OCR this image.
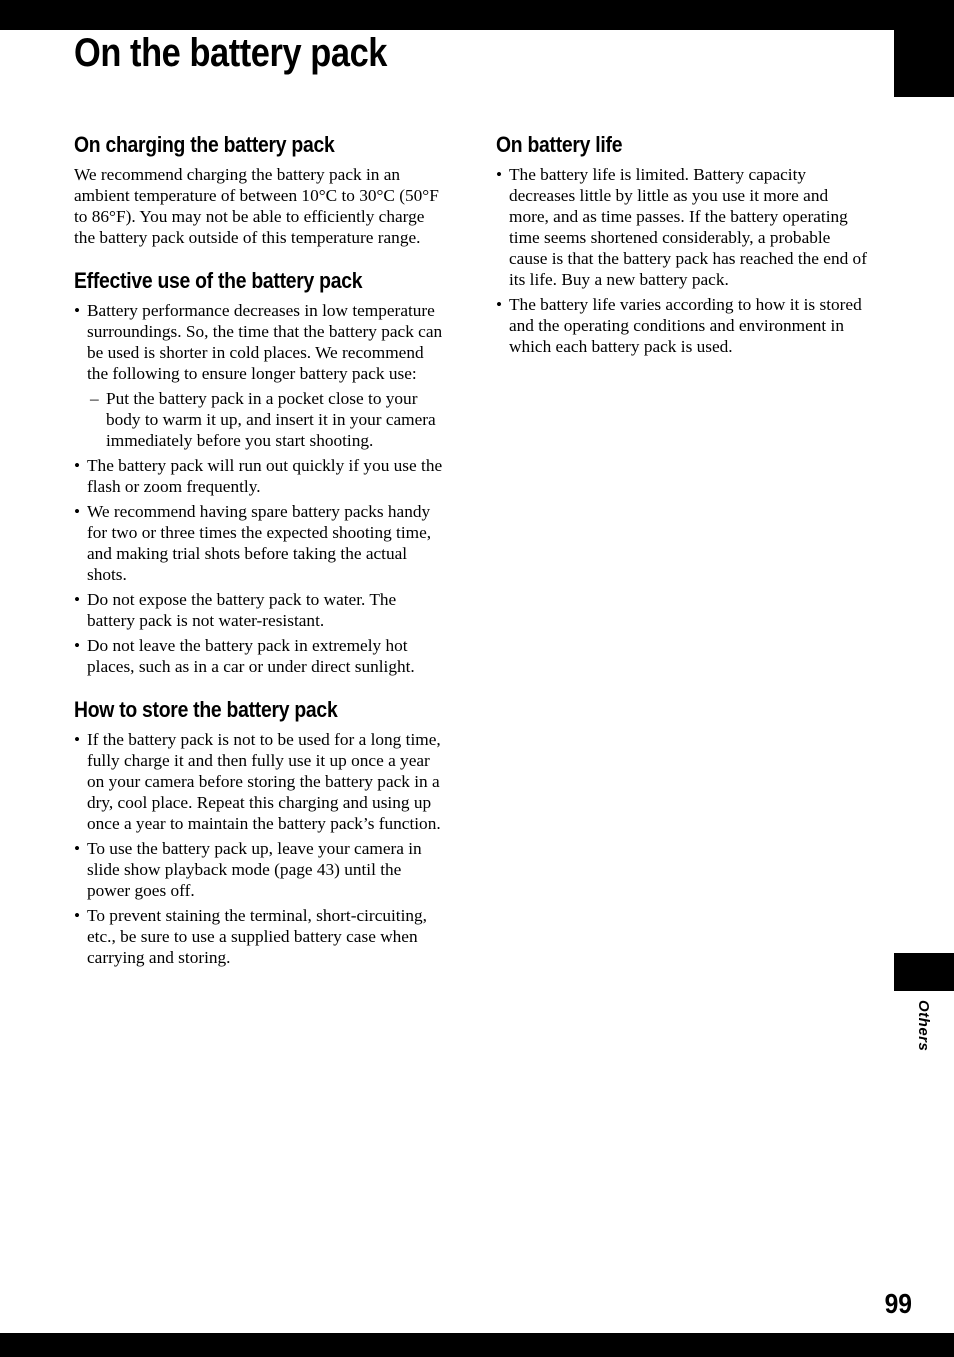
On the battery pack
On charging the battery pack

We recommend charging the battery pack in an ambient temperature of between 10°C to 30°C (50°F to 86°F). You may not be able to efficiently charge the battery pack outside of this temperature range.

Effective use of the battery pack
• Battery performance decreases in low temperature surroundings. So, the time that the battery pack can be used is shorter in cold places. We recommend the following to ensure longer battery pack use:
– Put the battery pack in a pocket close to your body to warm it up, and insert it in your camera immediately before you start shooting.
• The battery pack will run out quickly if you use the flash or zoom frequently.
• We recommend having spare battery packs handy for two or three times the expected shooting time, and making trial shots before taking the actual shots.
• Do not expose the battery pack to water. The battery pack is not water-resistant.
• Do not leave the battery pack in extremely hot places, such as in a car or under direct sunlight.
How to store the battery pack
• If the battery pack is not to be used for a long time, fully charge it and then fully use it up once a year on your camera before storing the battery pack in a dry, cool place. Repeat this charging and using up once a year to maintain the battery pack’s function.
• To use the battery pack up, leave your camera in slide show playback mode (page 43) until the power goes off.
• To prevent staining the terminal, short-circuiting, etc., be sure to use a supplied battery case when carrying and storing.
On battery life
• The battery life is limited. Battery capacity decreases little by little as you use it more and more, and as time passes. If the battery operating time seems shortened considerably, a probable cause is that the battery pack has reached the end of its life. Buy a new battery pack.
• The battery life varies according to how it is stored and the operating conditions and environment in which each battery pack is used.
Others
99
